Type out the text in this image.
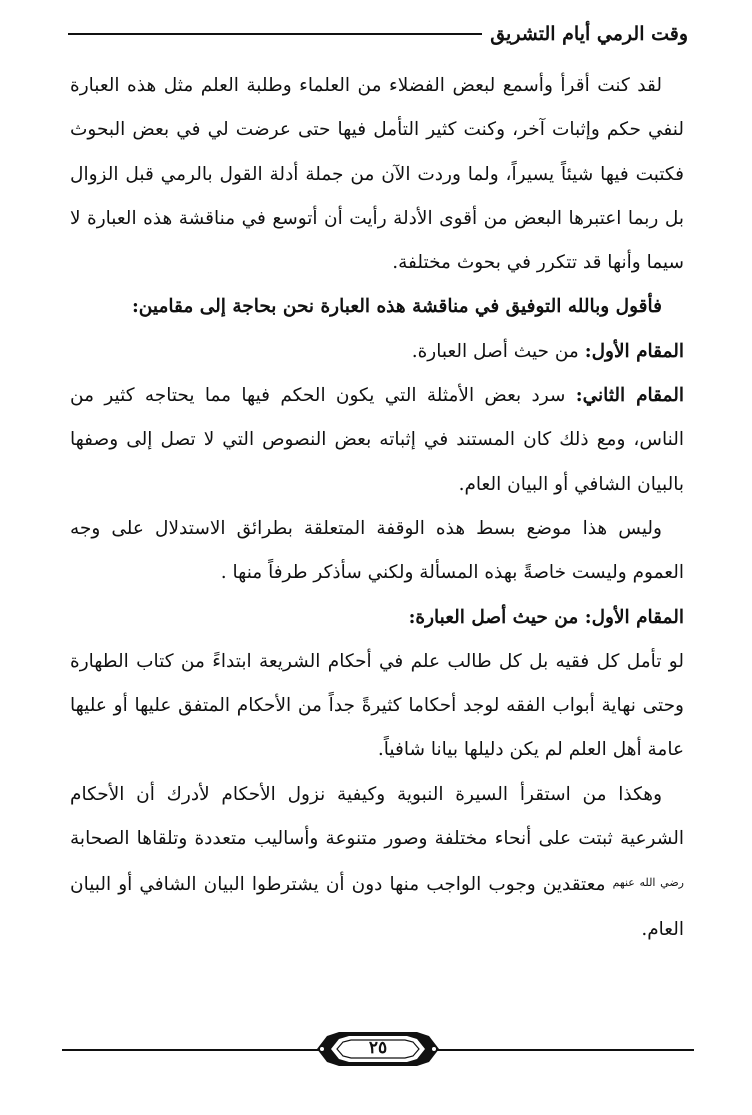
وقت الرمي أيام التشريق

لقد كنت أقرأ وأسمع لبعض الفضلاء من العلماء وطلبة العلم مثل هذه العبارة لنفي حكم وإثبات آخر، وكنت كثير التأمل فيها حتى عرضت لي في بعض البحوث فكتبت فيها شيئاً يسيراً، ولما وردت الآن من جملة أدلة القول بالرمي قبل الزوال بل ربما اعتبرها البعض من أقوى الأدلة رأيت أن أتوسع في مناقشة هذه العبارة لا سيما وأنها قد تتكرر في بحوث مختلفة.

فأقول وبالله التوفيق في مناقشة هذه العبارة نحن بحاجة إلى مقامين:

المقام الأول: من حيث أصل العبارة.

المقام الثاني: سرد بعض الأمثلة التي يكون الحكم فيها مما يحتاجه كثير من الناس، ومع ذلك كان المستند في إثباته بعض النصوص التي لا تصل إلى وصفها بالبيان الشافي أو البيان العام.

وليس هذا موضع بسط هذه الوقفة المتعلقة بطرائق الاستدلال على وجه العموم وليست خاصةً بهذه المسألة ولكني سأذكر طرفاً منها .

المقام الأول: من حيث أصل العبارة:

لو تأمل كل فقيه بل كل طالب علم في أحكام الشريعة ابتداءً من كتاب الطهارة وحتى نهاية أبواب الفقه لوجد أحكاما كثيرةً جداً من الأحكام المتفق عليها أو عليها عامة أهل العلم لم يكن دليلها بيانا شافياً.

وهكذا من استقرأ السيرة النبوية وكيفية نزول الأحكام لأدرك أن الأحكام الشرعية ثبتت على أنحاء مختلفة وصور متنوعة وأساليب متعددة وتلقاها الصحابة $^{رضي الله عنهم}$ معتقدين وجوب الواجب منها دون أن يشترطوا البيان الشافي أو البيان العام.

٢٥
